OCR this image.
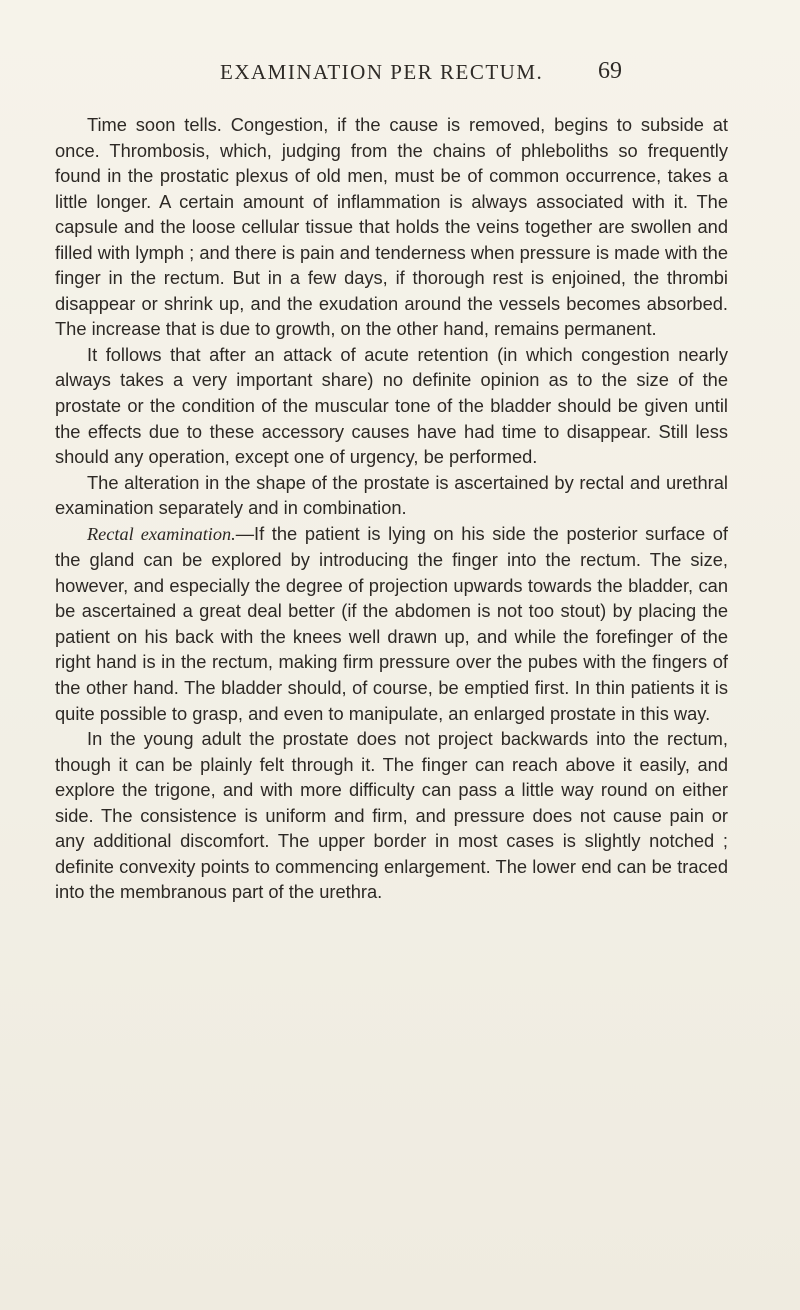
EXAMINATION PER RECTUM. 69

Time soon tells. Congestion, if the cause is removed, begins to subside at once. Thrombosis, which, judging from the chains of phleboliths so frequently found in the prostatic plexus of old men, must be of common occurrence, takes a little longer. A certain amount of inflammation is always associated with it. The capsule and the loose cellular tissue that holds the veins together are swollen and filled with lymph ; and there is pain and tenderness when pressure is made with the finger in the rectum. But in a few days, if thorough rest is enjoined, the thrombi disappear or shrink up, and the exudation around the vessels becomes absorbed. The increase that is due to growth, on the other hand, remains permanent.

It follows that after an attack of acute retention (in which congestion nearly always takes a very important share) no definite opinion as to the size of the prostate or the condition of the muscular tone of the bladder should be given until the effects due to these accessory causes have had time to disappear. Still less should any operation, except one of urgency, be performed.

The alteration in the shape of the prostate is ascertained by rectal and urethral examination separately and in combination.

Rectal examination.—If the patient is lying on his side the posterior surface of the gland can be explored by introducing the finger into the rectum. The size, however, and especially the degree of projection upwards towards the bladder, can be ascertained a great deal better (if the abdomen is not too stout) by placing the patient on his back with the knees well drawn up, and while the forefinger of the right hand is in the rectum, making firm pressure over the pubes with the fingers of the other hand. The bladder should, of course, be emptied first. In thin patients it is quite possible to grasp, and even to manipulate, an enlarged prostate in this way.

In the young adult the prostate does not project backwards into the rectum, though it can be plainly felt through it. The finger can reach above it easily, and explore the trigone, and with more difficulty can pass a little way round on either side. The consistence is uniform and firm, and pressure does not cause pain or any additional discomfort. The upper border in most cases is slightly notched ; definite convexity points to commencing enlargement. The lower end can be traced into the membranous part of the urethra.
